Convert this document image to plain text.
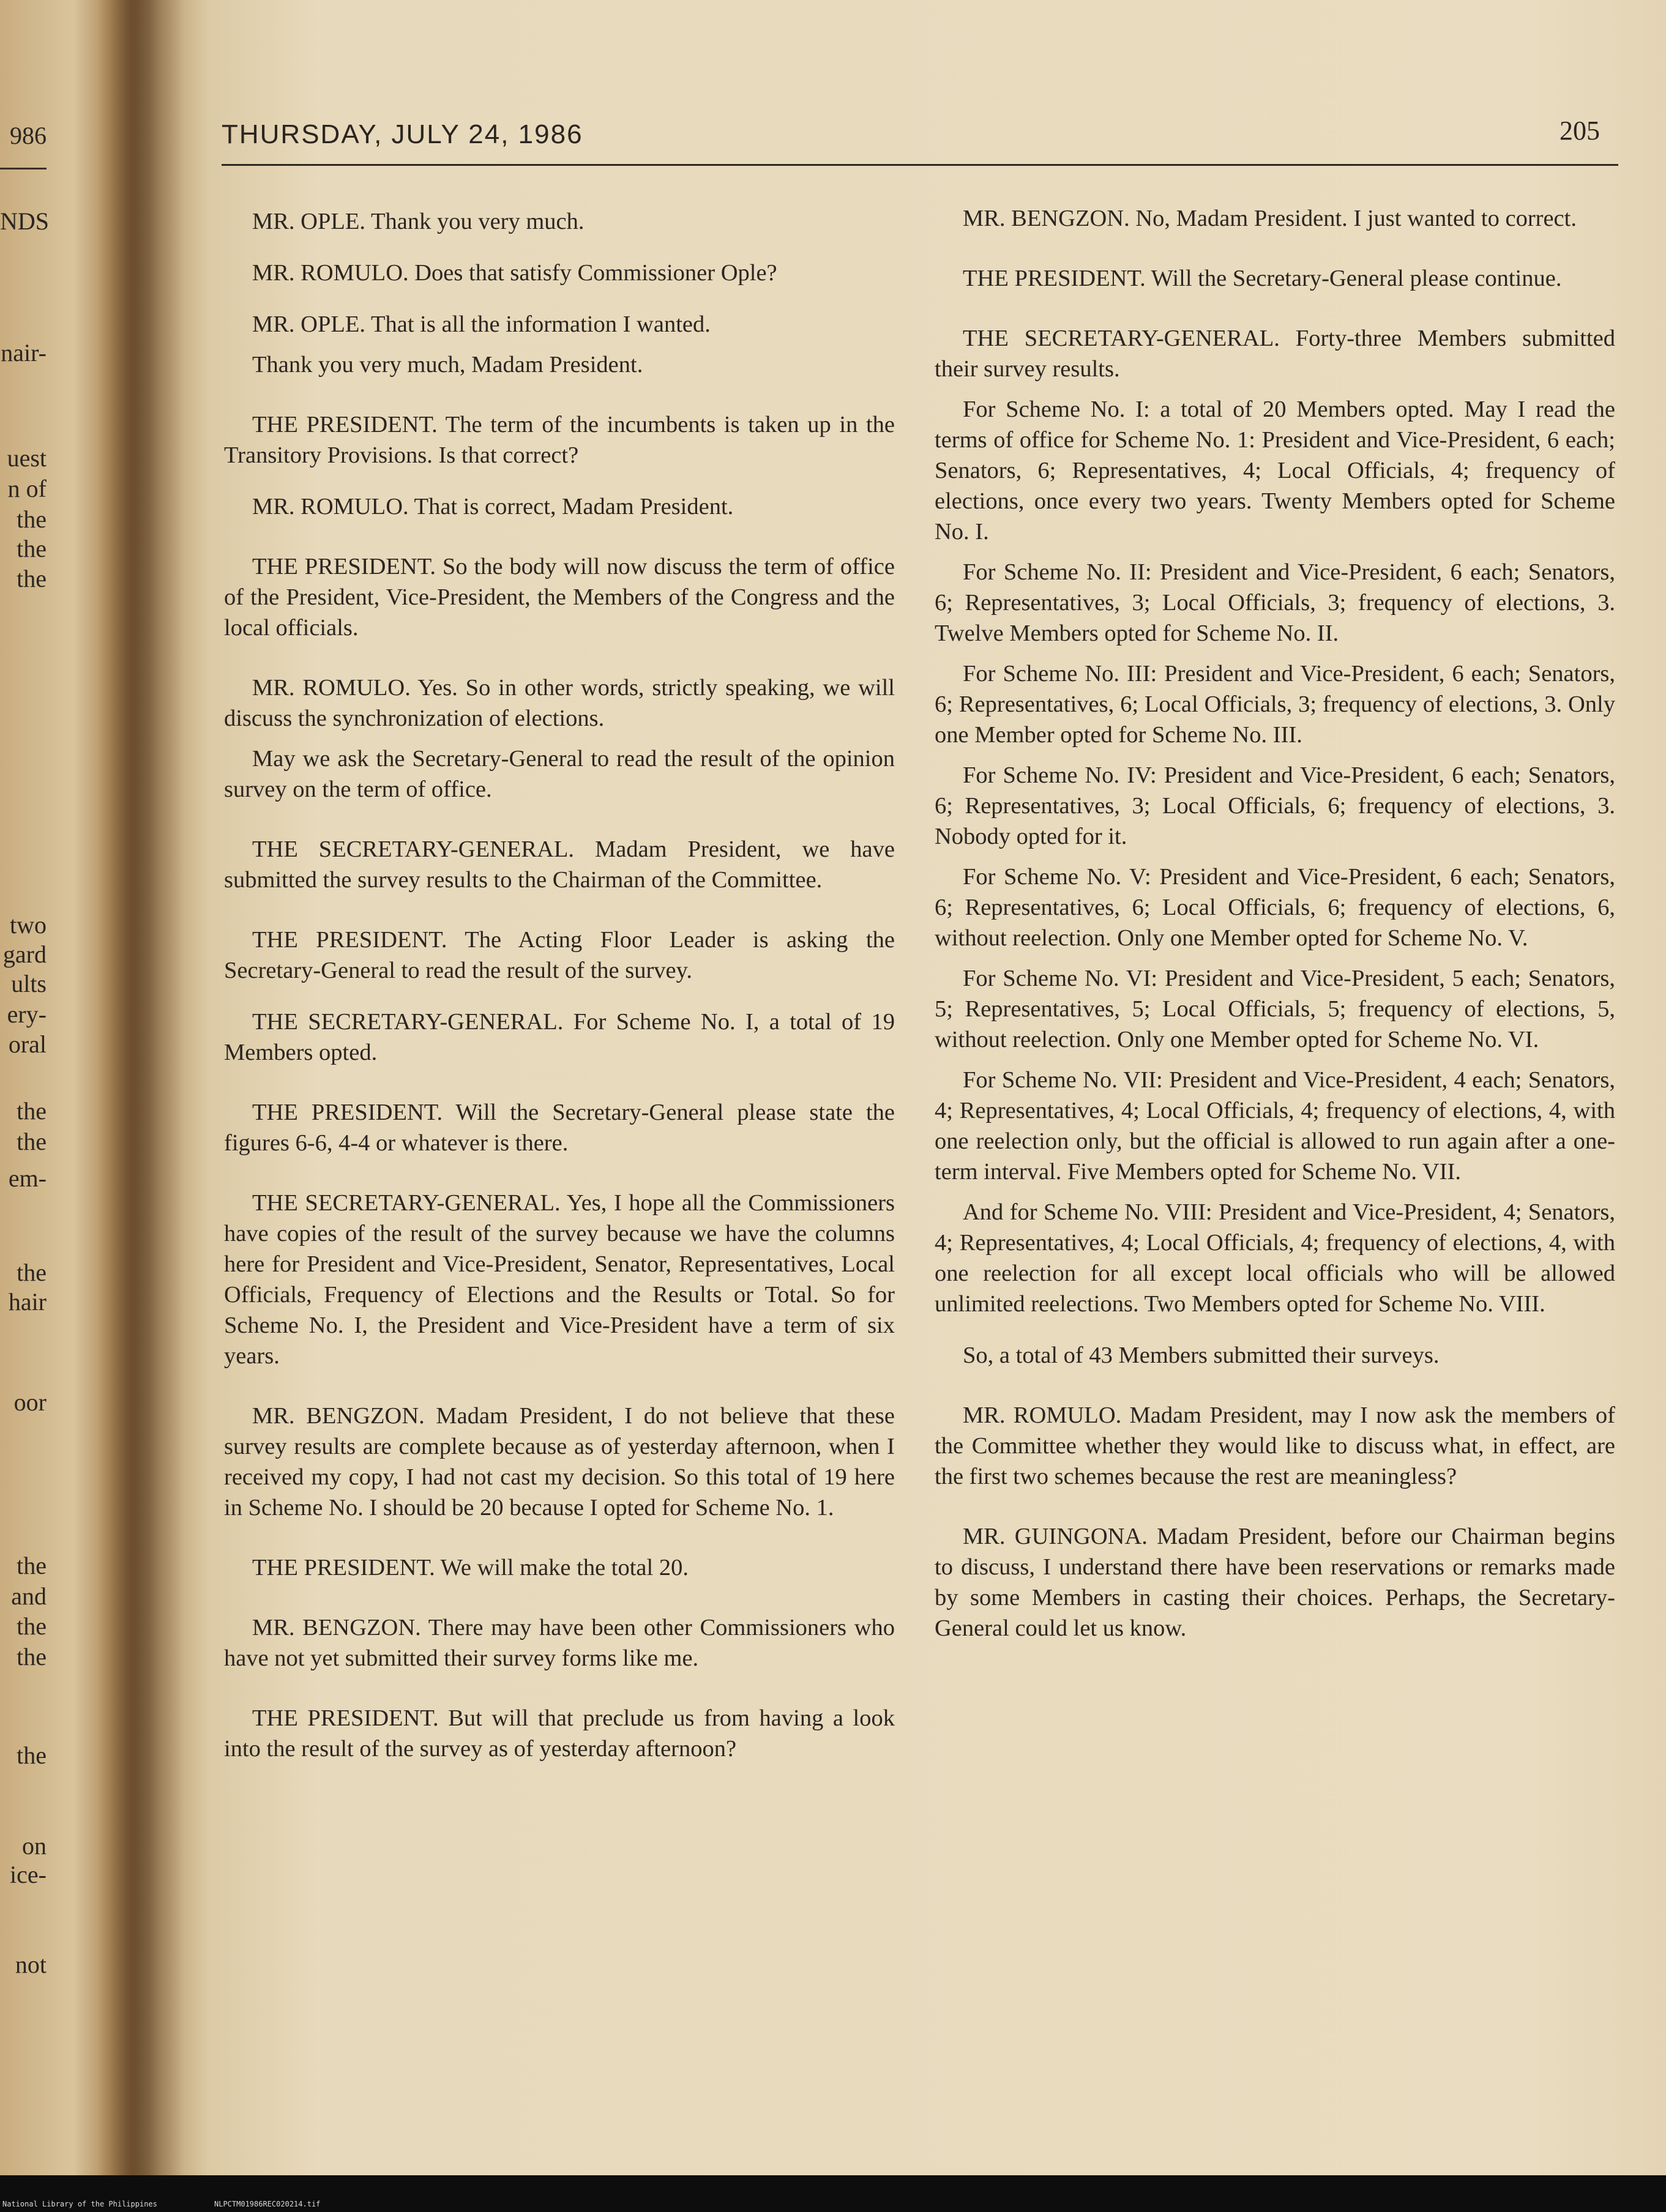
986
NDS
nair-
uest
n of
the
the
the
two
gard
ults
ery-
oral
the
the
em-
the
hair
oor
the
and
the
the
the
on
ice-
not
THURSDAY, JULY 24, 1986	205

MR. OPLE. Thank you very much.

MR. ROMULO. Does that satisfy Commissioner Ople?

MR. OPLE. That is all the information I wanted.

Thank you very much, Madam President.

THE PRESIDENT. The term of the incumbents is taken up in the Transitory Provisions. Is that correct?

MR. ROMULO. That is correct, Madam President.

THE PRESIDENT. So the body will now discuss the term of office of the President, Vice-President, the Members of the Congress and the local officials.

MR. ROMULO. Yes. So in other words, strictly speaking, we will discuss the synchronization of elections.

May we ask the Secretary-General to read the result of the opinion survey on the term of office.

THE SECRETARY-GENERAL. Madam President, we have submitted the survey results to the Chairman of the Committee.

THE PRESIDENT. The Acting Floor Leader is asking the Secretary-General to read the result of the survey.

THE SECRETARY-GENERAL. For Scheme No. I, a total of 19 Members opted.

THE PRESIDENT. Will the Secretary-General please state the figures 6-6, 4-4 or whatever is there.

THE SECRETARY-GENERAL. Yes, I hope all the Commissioners have copies of the result of the survey because we have the columns here for President and Vice-President, Senator, Representatives, Local Officials, Frequency of Elections and the Results or Total. So for Scheme No. I, the President and Vice-President have a term of six years.

MR. BENGZON. Madam President, I do not believe that these survey results are complete because as of yesterday afternoon, when I received my copy, I had not cast my decision. So this total of 19 here in Scheme No. I should be 20 because I opted for Scheme No. 1.

THE PRESIDENT. We will make the total 20.

MR. BENGZON. There may have been other Commissioners who have not yet submitted their survey forms like me.

THE PRESIDENT. But will that preclude us from having a look into the result of the survey as of yesterday afternoon?

MR. BENGZON. No, Madam President. I just wanted to correct.

THE PRESIDENT. Will the Secretary-General please continue.

THE SECRETARY-GENERAL. Forty-three Members submitted their survey results.

For Scheme No. I: a total of 20 Members opted. May I read the terms of office for Scheme No. 1: President and Vice-President, 6 each; Senators, 6; Representatives, 4; Local Officials, 4; frequency of elections, once every two years. Twenty Members opted for Scheme No. I.

For Scheme No. II: President and Vice-President, 6 each; Senators, 6; Representatives, 3; Local Officials, 3; frequency of elections, 3. Twelve Members opted for Scheme No. II.

For Scheme No. III: President and Vice-President, 6 each; Senators, 6; Representatives, 6; Local Officials, 3; frequency of elections, 3. Only one Member opted for Scheme No. III.

For Scheme No. IV: President and Vice-President, 6 each; Senators, 6; Representatives, 3; Local Officials, 6; frequency of elections, 3. Nobody opted for it.

For Scheme No. V: President and Vice-President, 6 each; Senators, 6; Representatives, 6; Local Officials, 6; frequency of elections, 6, without reelection. Only one Member opted for Scheme No. V.

For Scheme No. VI: President and Vice-President, 5 each; Senators, 5; Representatives, 5; Local Officials, 5; frequency of elections, 5, without reelection. Only one Member opted for Scheme No. VI.

For Scheme No. VII: President and Vice-President, 4 each; Senators, 4; Representatives, 4; Local Officials, 4; frequency of elections, 4, with one reelection only, but the official is allowed to run again after a one-term interval. Five Members opted for Scheme No. VII.

And for Scheme No. VIII: President and Vice-President, 4; Senators, 4; Representatives, 4; Local Officials, 4; frequency of elections, 4, with one reelection for all except local officials who will be allowed unlimited reelections. Two Members opted for Scheme No. VIII.

So, a total of 43 Members submitted their surveys.

MR. ROMULO. Madam President, may I now ask the members of the Committee whether they would like to discuss what, in effect, are the first two schemes because the rest are meaningless?

MR. GUINGONA. Madam President, before our Chairman begins to discuss, I understand there have been reservations or remarks made by some Members in casting their choices. Perhaps, the Secretary-General could let us know.

National Library of the Philippines	NLPCTM01986REC020214.tif
